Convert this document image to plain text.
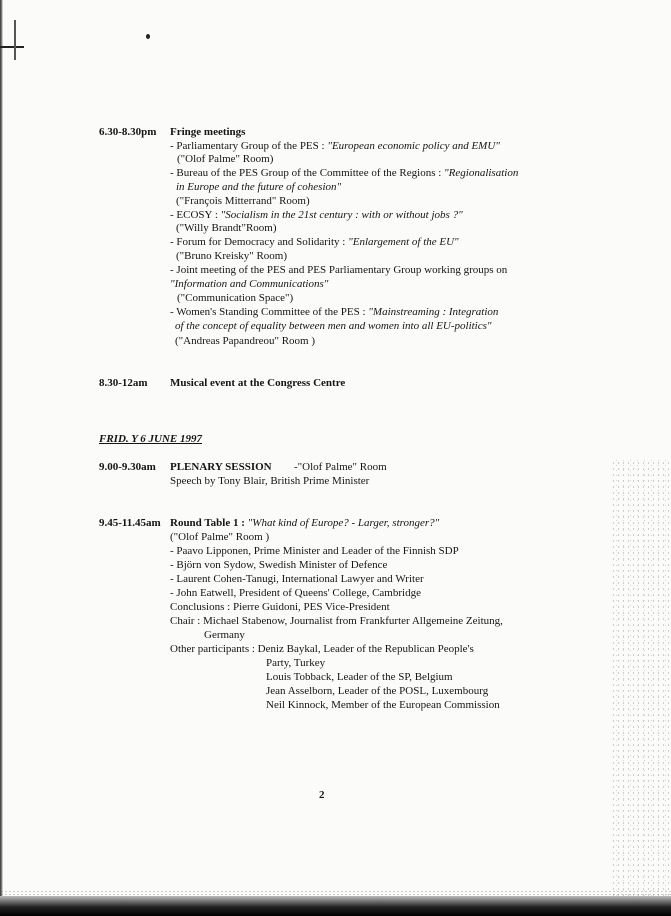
6.30-8.30pm Fringe meetings
- Parliamentary Group of the PES : "European economic policy and EMU"
("Olof Palme" Room)
- Bureau of the PES Group of the Committee of the Regions : "Regionalisation
in Europe and the future of cohesion"
("François Mitterrand" Room)
- ECOSY : "Socialism in the 21st century : with or without jobs ?"
("Willy Brandt"Room)
- Forum for Democracy and Solidarity : "Enlargement of the EU"
("Bruno Kreisky" Room)
- Joint meeting of the PES and PES Parliamentary Group working groups on
"Information and Communications"
("Communication Space")
- Women's Standing Committee of the PES : "Mainstreaming : Integration
of the concept of equality between men and women into all EU-politics"
("Andreas Papandreou" Room )
8.30-12am Musical event at the Congress Centre
FRID. Y 6 JUNE 1997
9.00-9.30am PLENARY SESSION -"Olof Palme" Room
Speech by Tony Blair, British Prime Minister
9.45-11.45am Round Table 1 : "What kind of Europe? - Larger, stronger?"
("Olof Palme" Room )
- Paavo Lipponen, Prime Minister and Leader of the Finnish SDP
- Björn von Sydow, Swedish Minister of Defence
- Laurent Cohen-Tanugi, International Lawyer and Writer
- John Eatwell, President of Queens' College, Cambridge
Conclusions : Pierre Guidoni, PES Vice-President
Chair : Michael Stabenow, Journalist from Frankfurter Allgemeine Zeitung,
Germany
Other participants : Deniz Baykal, Leader of the Republican People's
Party, Turkey
Louis Tobback, Leader of the SP, Belgium
Jean Asselborn, Leader of the POSL, Luxembourg
Neil Kinnock, Member of the European Commission
2
